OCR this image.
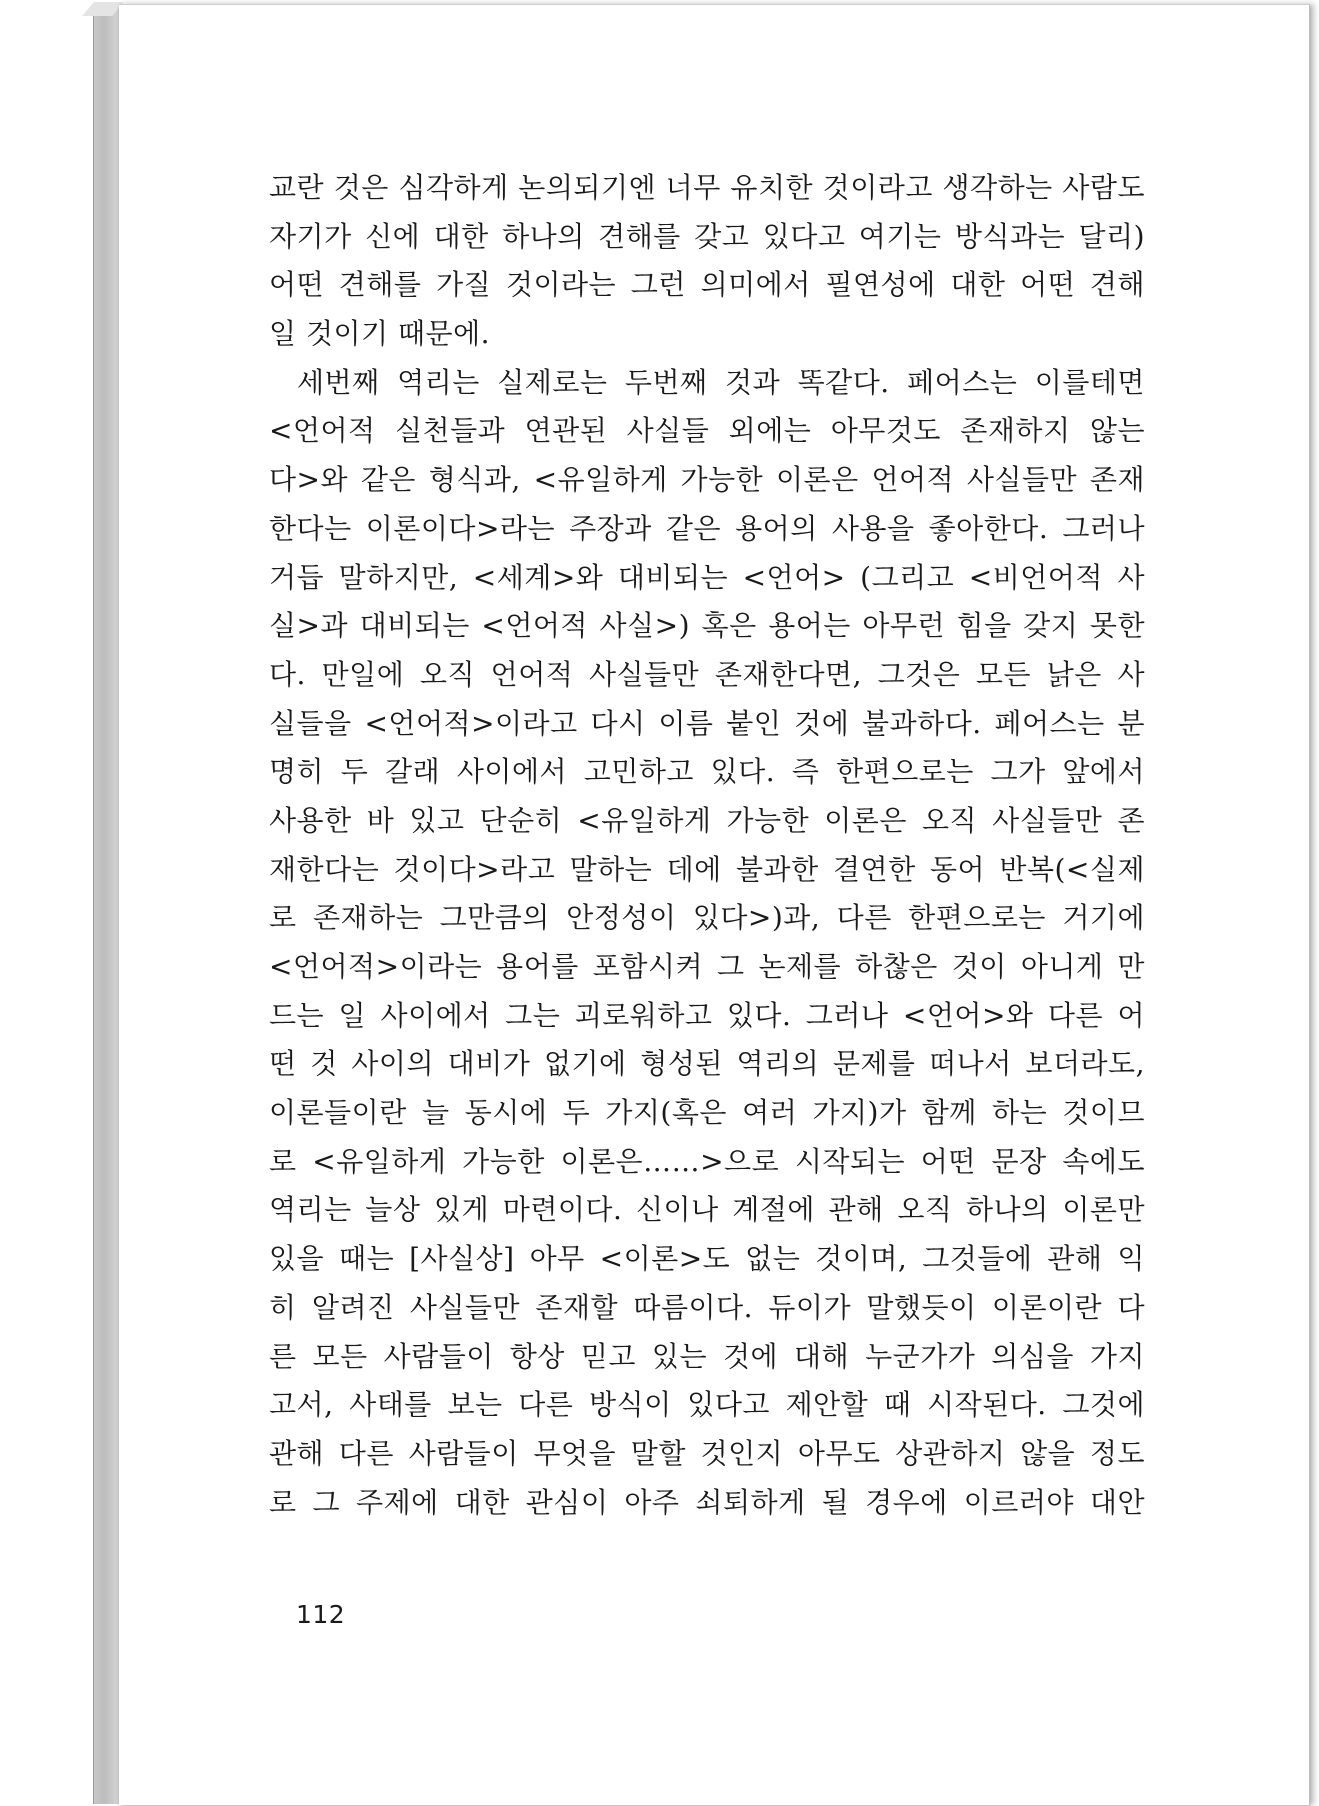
교란 것은 심각하게 논의되기엔 너무 유치한 것이라고 생각하는 사람도
자기가 신에 대한 하나의 견해를 갖고 있다고 여기는 방식과는 달리)
어떤 견해를 가질 것이라는 그런 의미에서 필연성에 대한 어떤 견해
일 것이기 때문에.
세번째 역리는 실제로는 두번째 것과 똑같다. 페어스는 이를테면
<언어적 실천들과 연관된 사실들 외에는 아무것도 존재하지 않는
다>와 같은 형식과, <유일하게 가능한 이론은 언어적 사실들만 존재
한다는 이론이다>라는 주장과 같은 용어의 사용을 좋아한다. 그러나
거듭 말하지만, <세계>와 대비되는 <언어> (그리고 <비언어적 사
실>과 대비되는 <언어적 사실>) 혹은 용어는 아무런 힘을 갖지 못한
다. 만일에 오직 언어적 사실들만 존재한다면, 그것은 모든 낡은 사
실들을 <언어적>이라고 다시 이름 붙인 것에 불과하다. 페어스는 분
명히 두 갈래 사이에서 고민하고 있다. 즉 한편으로는 그가 앞에서
사용한 바 있고 단순히 <유일하게 가능한 이론은 오직 사실들만 존
재한다는 것이다>라고 말하는 데에 불과한 결연한 동어 반복(<실제
로 존재하는 그만큼의 안정성이 있다>)과, 다른 한편으로는 거기에
<언어적>이라는 용어를 포함시켜 그 논제를 하찮은 것이 아니게 만
드는 일 사이에서 그는 괴로워하고 있다. 그러나 <언어>와 다른 어
떤 것 사이의 대비가 없기에 형성된 역리의 문제를 떠나서 보더라도,
이론들이란 늘 동시에 두 가지(혹은 여러 가지)가 함께 하는 것이므
로 <유일하게 가능한 이론은……>으로 시작되는 어떤 문장 속에도
역리는 늘상 있게 마련이다. 신이나 계절에 관해 오직 하나의 이론만
있을 때는 [사실상] 아무 <이론>도 없는 것이며, 그것들에 관해 익
히 알려진 사실들만 존재할 따름이다. 듀이가 말했듯이 이론이란 다
른 모든 사람들이 항상 믿고 있는 것에 대해 누군가가 의심을 가지
고서, 사태를 보는 다른 방식이 있다고 제안할 때 시작된다. 그것에
관해 다른 사람들이 무엇을 말할 것인지 아무도 상관하지 않을 정도
로 그 주제에 대한 관심이 아주 쇠퇴하게 될 경우에 이르러야 대안
112
